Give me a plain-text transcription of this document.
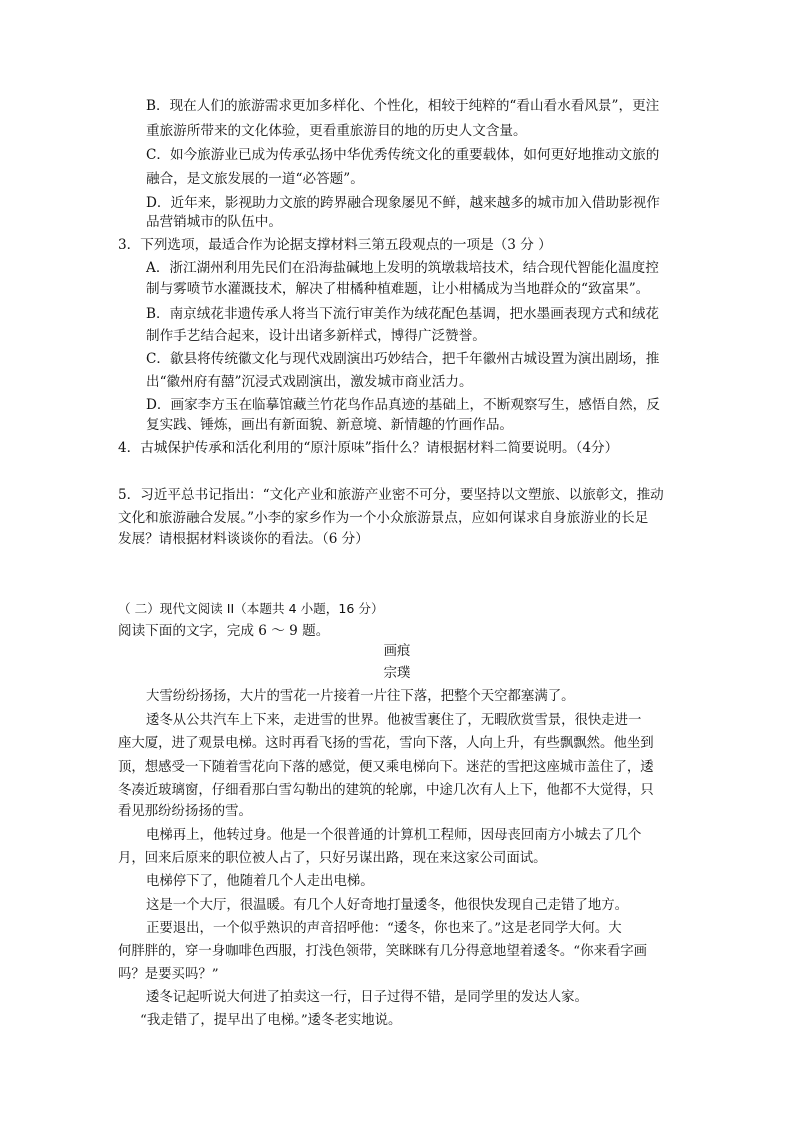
B．现在人们的旅游需求更加多样化、个性化，相较于纯粹的“看山看水看风景”，更注
重旅游所带来的文化体验，更看重旅游目的地的历史人文含量。
C．如今旅游业已成为传承弘扬中华优秀传统文化的重要载体，如何更好地推动文旅的
融合，是文旅发展的一道“必答题”。
D．近年来，影视助力文旅的跨界融合现象屡见不鲜，越来越多的城市加入借助影视作
品营销城市的队伍中。
3．下列选项，最适合作为论据支撑材料三第五段观点的一项是（3 分 ）
A．浙江湖州利用先民们在沿海盐碱地上发明的筑墩栽培技术，结合现代智能化温度控
制与雾喷节水灌溉技术，解决了柑橘种植难题，让小柑橘成为当地群众的“致富果”。
B．南京绒花非遗传承人将当下流行审美作为绒花配色基调，把水墨画表现方式和绒花
制作手艺结合起来，设计出诸多新样式，博得广泛赞誉。
C．歙县将传统徽文化与现代戏剧演出巧妙结合，把千年徽州古城设置为演出剧场，推
出“徽州府有囍”沉浸式戏剧演出，激发城市商业活力。
D．画家李方玉在临摹馆藏兰竹花鸟作品真迹的基础上，不断观察写生，感悟自然，反
复实践、锤炼，画出有新面貌、新意境、新情趣的竹画作品。
4．古城保护传承和活化利用的“原汁原味”指什么？请根据材料二简要说明。（4分）
5．习近平总书记指出：“文化产业和旅游产业密不可分，要坚持以文塑旅、以旅彰文，推动
文化和旅游融合发展。”小李的家乡作为一个小众旅游景点，应如何谋求自身旅游业的长足
发展？请根据材料谈谈你的看法。（6 分）
（ 二）现代文阅读 II（本题共 4 小题，16 分）
阅读下面的文字，完成 6 ～ 9 题。
画痕
宗璞
大雪纷纷扬扬，大片的雪花一片接着一片往下落，把整个天空都塞满了。
逶冬从公共汽车上下来，走进雪的世界。他被雪裹住了，无暇欣赏雪景，很快走进一
座大厦，进了观景电梯。这时再看飞扬的雪花，雪向下落，人向上升，有些飘飘然。他坐到
顶，想感受一下随着雪花向下落的感觉，便又乘电梯向下。迷茫的雪把这座城市盖住了，逶
冬凑近玻璃窗，仔细看那白雪勾勒出的建筑的轮廓，中途几次有人上下，他都不大觉得，只
看见那纷纷扬扬的雪。
电梯再上，他转过身。他是一个很普通的计算机工程师，因母丧回南方小城去了几个
月，回来后原来的职位被人占了，只好另谋出路，现在来这家公司面试。
电梯停下了，他随着几个人走出电梯。
这是一个大厅，很温暖。有几个人好奇地打量逶冬，他很快发现自己走错了地方。
正要退出，一个似乎熟识的声音招呼他：“逶冬，你也来了。”这是老同学大何。大
何胖胖的，穿一身咖啡色西服，打浅色领带，笑眯眯有几分得意地望着逶冬。“你来看字画
吗？是要买吗？”
逶冬记起听说大何进了拍卖这一行，日子过得不错，是同学里的发达人家。
“我走错了，提早出了电梯。”逶冬老实地说。
